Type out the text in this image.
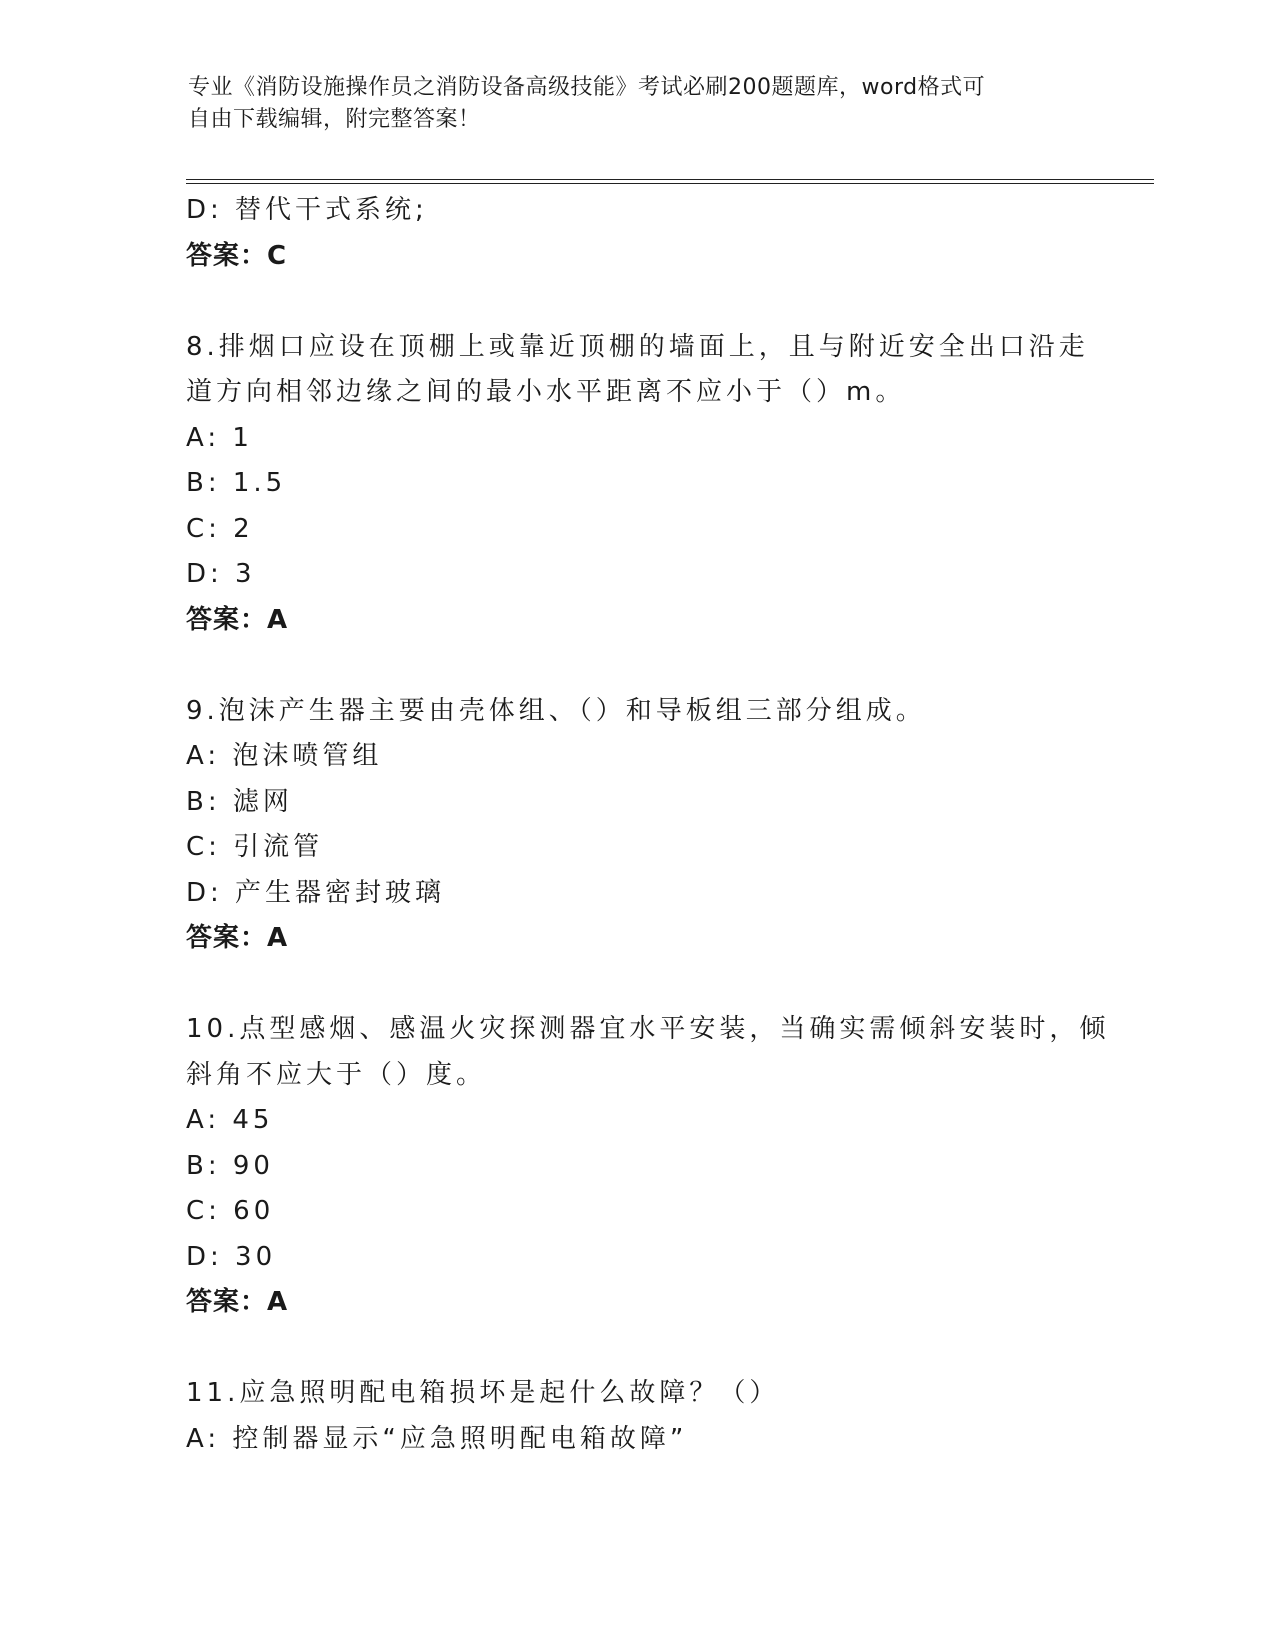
专业《消防设施操作员之消防设备高级技能》考试必刷200题题库，word格式可
自由下载编辑，附完整答案！
D: 替代干式系统;
答案：C
8.排烟口应设在顶棚上或靠近顶棚的墙面上，且与附近安全出口沿走
道方向相邻边缘之间的最小水平距离不应小于（）m。
A: 1
B: 1.5
C: 2
D: 3
答案：A
9.泡沫产生器主要由壳体组、（）和导板组三部分组成。
A: 泡沫喷管组
B: 滤网
C: 引流管
D: 产生器密封玻璃
答案：A
10.点型感烟、感温火灾探测器宜水平安装，当确实需倾斜安装时，倾
斜角不应大于（）度。
A: 45
B: 90
C: 60
D: 30
答案：A
11.应急照明配电箱损坏是起什么故障？（）
A: 控制器显示“应急照明配电箱故障”
